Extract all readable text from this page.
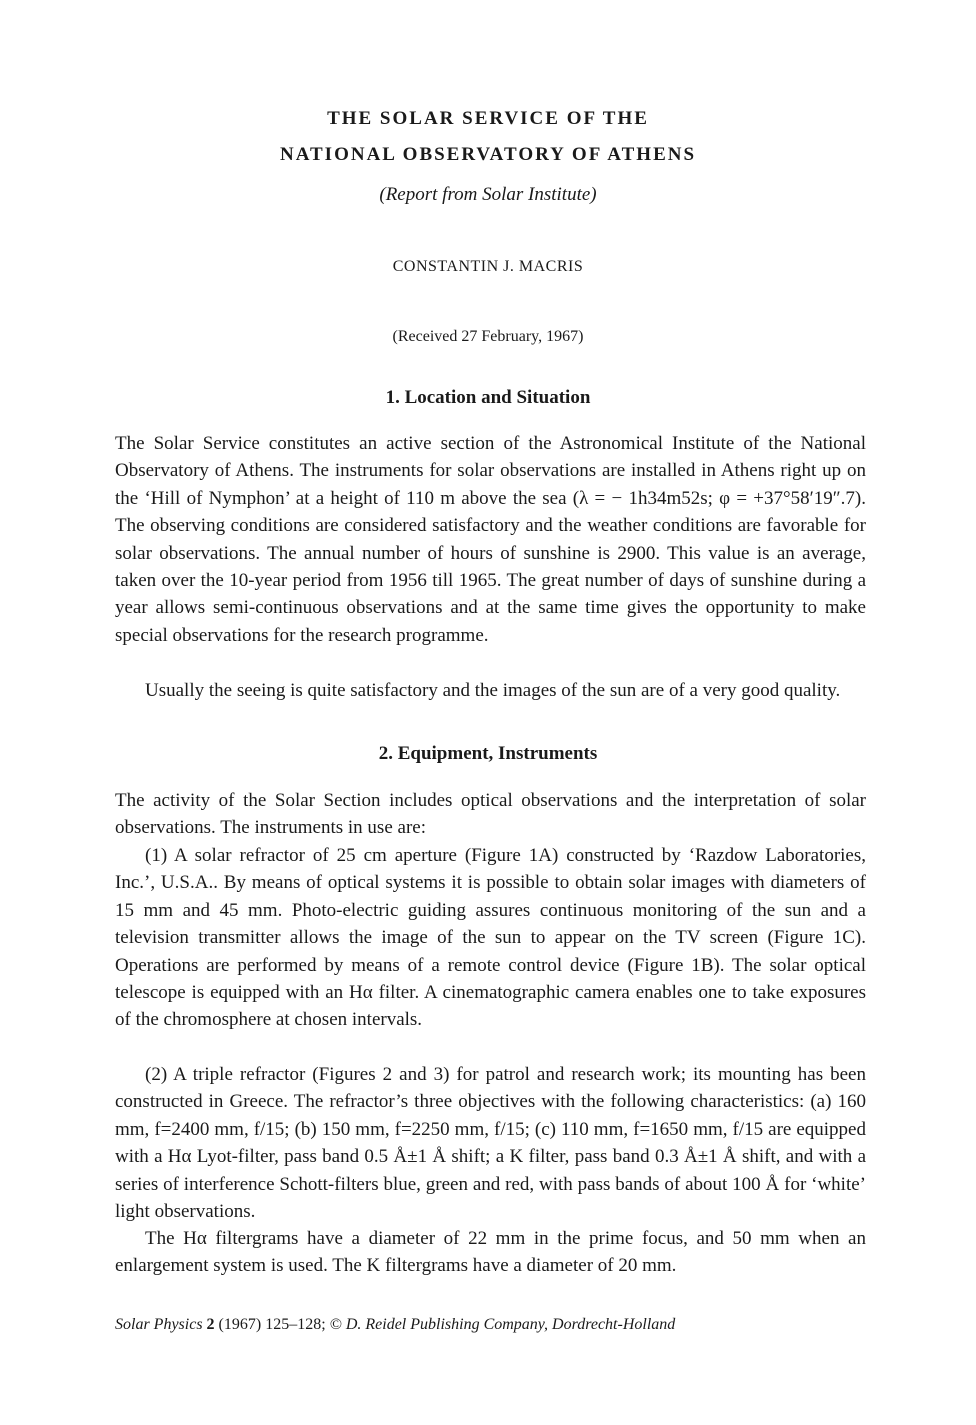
THE SOLAR SERVICE OF THE
NATIONAL OBSERVATORY OF ATHENS
(Report from Solar Institute)
CONSTANTIN J. MACRIS
(Received 27 February, 1967)
1. Location and Situation

The Solar Service constitutes an active section of the Astronomical Institute of the National Observatory of Athens. The instruments for solar observations are installed in Athens right up on the ‘Hill of Nymphon’ at a height of 110 m above the sea (λ = − 1h34m52s; φ = +37°58′19″.7). The observing conditions are considered satisfactory and the weather conditions are favorable for solar observations. The annual number of hours of sunshine is 2900. This value is an average, taken over the 10-year period from 1956 till 1965. The great number of days of sunshine during a year allows semi-continuous observations and at the same time gives the opportunity to make special observations for the research programme.

Usually the seeing is quite satisfactory and the images of the sun are of a very good quality.

2. Equipment, Instruments

The activity of the Solar Section includes optical observations and the interpretation of solar observations. The instruments in use are:

(1) A solar refractor of 25 cm aperture (Figure 1A) constructed by ‘Razdow Laboratories, Inc.’, U.S.A.. By means of optical systems it is possible to obtain solar images with diameters of 15 mm and 45 mm. Photo-electric guiding assures continuous monitoring of the sun and a television transmitter allows the image of the sun to appear on the TV screen (Figure 1C). Operations are performed by means of a remote control device (Figure 1B). The solar optical telescope is equipped with an Hα filter. A cinematographic camera enables one to take exposures of the chromosphere at chosen intervals.

(2) A triple refractor (Figures 2 and 3) for patrol and research work; its mounting has been constructed in Greece. The refractor’s three objectives with the following characteristics: (a) 160 mm, f=2400 mm, f/15; (b) 150 mm, f=2250 mm, f/15; (c) 110 mm, f=1650 mm, f/15 are equipped with a Hα Lyot-filter, pass band 0.5 Å±1 Å shift; a K filter, pass band 0.3 Å±1 Å shift, and with a series of interference Schott-filters blue, green and red, with pass bands of about 100 Å for ‘white’ light observations.

The Hα filtergrams have a diameter of 22 mm in the prime focus, and 50 mm when an enlargement system is used. The K filtergrams have a diameter of 20 mm.

Solar Physics 2 (1967) 125–128; © D. Reidel Publishing Company, Dordrecht-Holland
